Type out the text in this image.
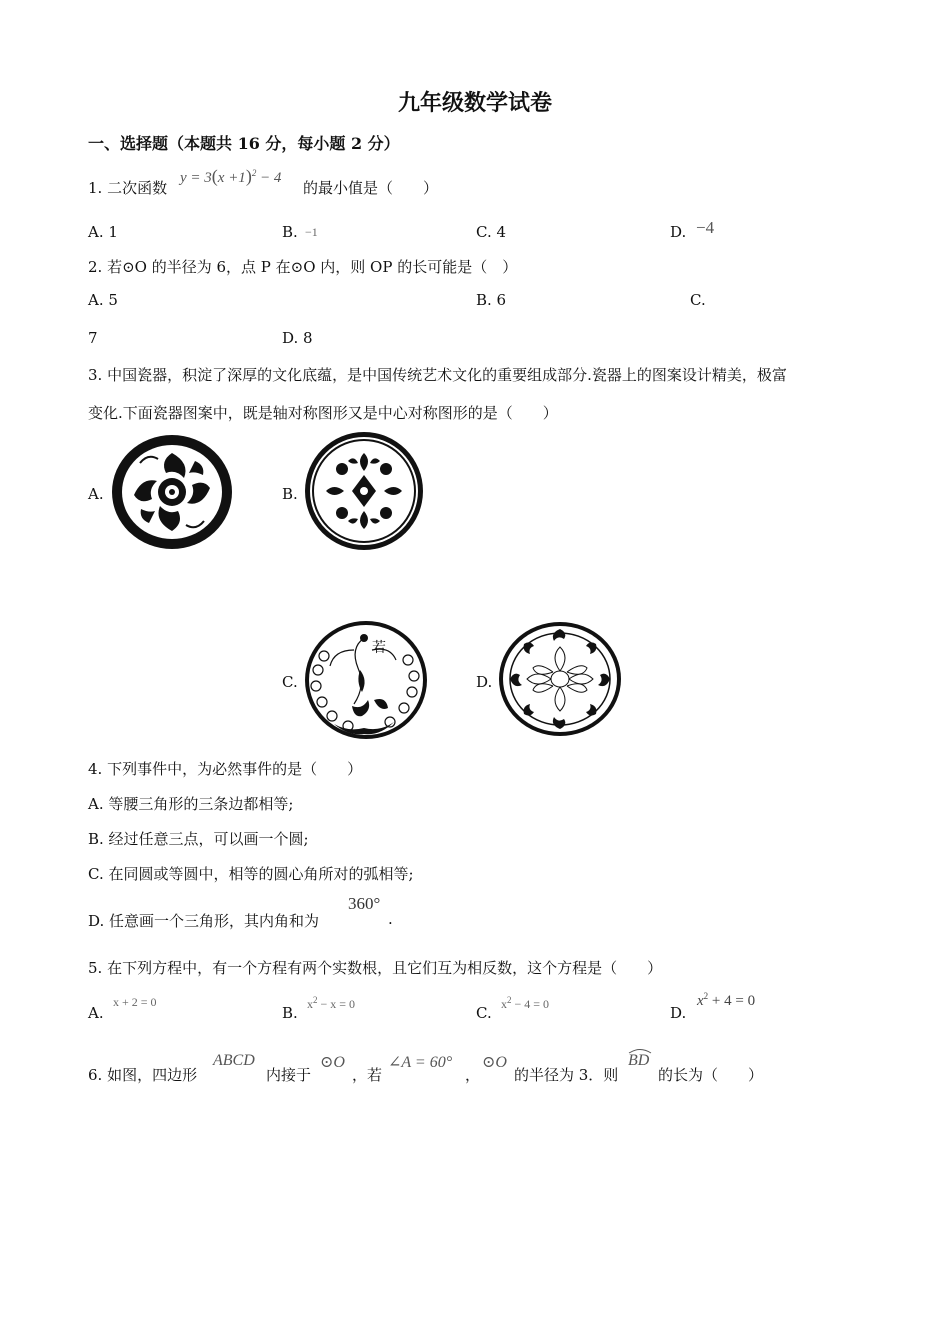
九年级数学试卷
一、选择题（本题共 16 分，每小题 2 分）
1. 二次函数
$y = 3(x +1)^2 - 4$
的最小值是（　　）
A. 1	B. −1	C. 4	D. −4
2. 若⊙O 的半径为 6，点 P 在⊙O 内，则 OP 的长可能是（　）
A. 5	B. 6	C.
7	D. 8
3. 中国瓷器，积淀了深厚的文化底蕴，是中国传统艺术文化的重要组成部分.瓷器上的图案设计精美，极富
变化.下面瓷器图案中，既是轴对称图形又是中心对称图形的是（　　）
A.	B.
C.
若
D.
4. 下列事件中，为必然事件的是（　　）
A. 等腰三角形的三条边都相等;
B. 经过任意三点，可以画一个圆;
C. 在同圆或等圆中，相等的圆心角所对的弧相等;
D. 任意画一个三角形，其内角和为
360°
.
5. 在下列方程中，有一个方程有两个实数根，且它们互为相反数，这个方程是（　　）
A.
x + 2 = 0
B. $x^2 - x = 0$	C. $x^2 - 4 = 0$	D.
$x^2 + 4 = 0$
6. 如图，四边形
ABCD
内接于
⊙O
，若
∠A = 60°
，
⊙O
的半径为 3．则
BD
的长为（　　）
